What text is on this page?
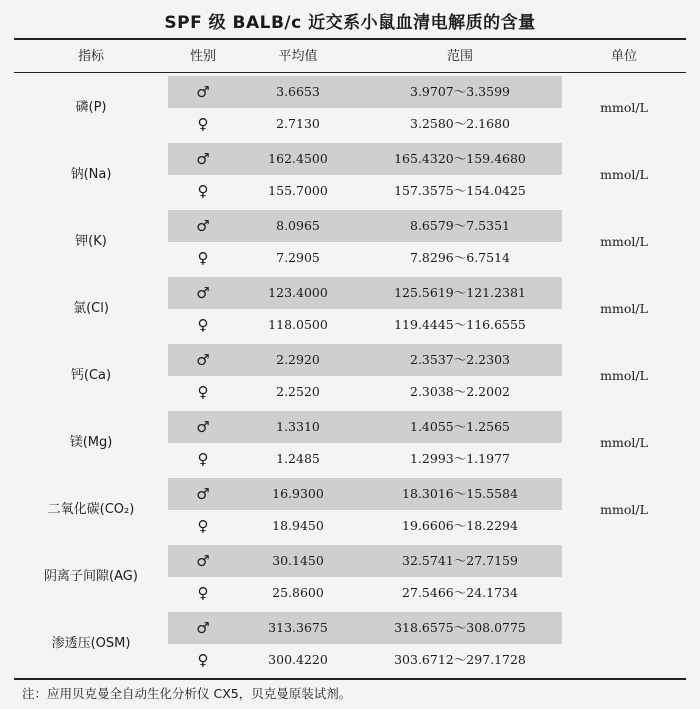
SPF 级 BALB/c 近交系小鼠血清电解质的含量
指标	性别	平均值	范围	单位
磷(P)
♂	3.6653	3.9707～3.3599
♀	2.7130	3.2580～2.1680
mmol/L
钠(Na)
♂	162.4500	165.4320～159.4680
♀	155.7000	157.3575～154.0425
mmol/L
钾(K)
♂	8.0965	8.6579～7.5351
♀	7.2905	7.8296～6.7514
mmol/L
氯(Cl)
♂	123.4000	125.5619～121.2381
♀	118.0500	119.4445～116.6555
mmol/L
钙(Ca)
♂	2.2920	2.3537～2.2303
♀	2.2520	2.3038～2.2002
mmol/L
镁(Mg)
♂	1.3310	1.4055～1.2565
♀	1.2485	1.2993～1.1977
mmol/L
二氧化碳(CO₂)
♂	16.9300	18.3016～15.5584
♀	18.9450	19.6606～18.2294
mmol/L
阴离子间隙(AG)
♂	30.1450	32.5741～27.7159
♀	25.8600	27.5466～24.1734
渗透压(OSM)
♂	313.3675	318.6575～308.0775
♀	300.4220	303.6712～297.1728
注：应用贝克曼全自动生化分析仪 CX5，贝克曼原装试剂。
